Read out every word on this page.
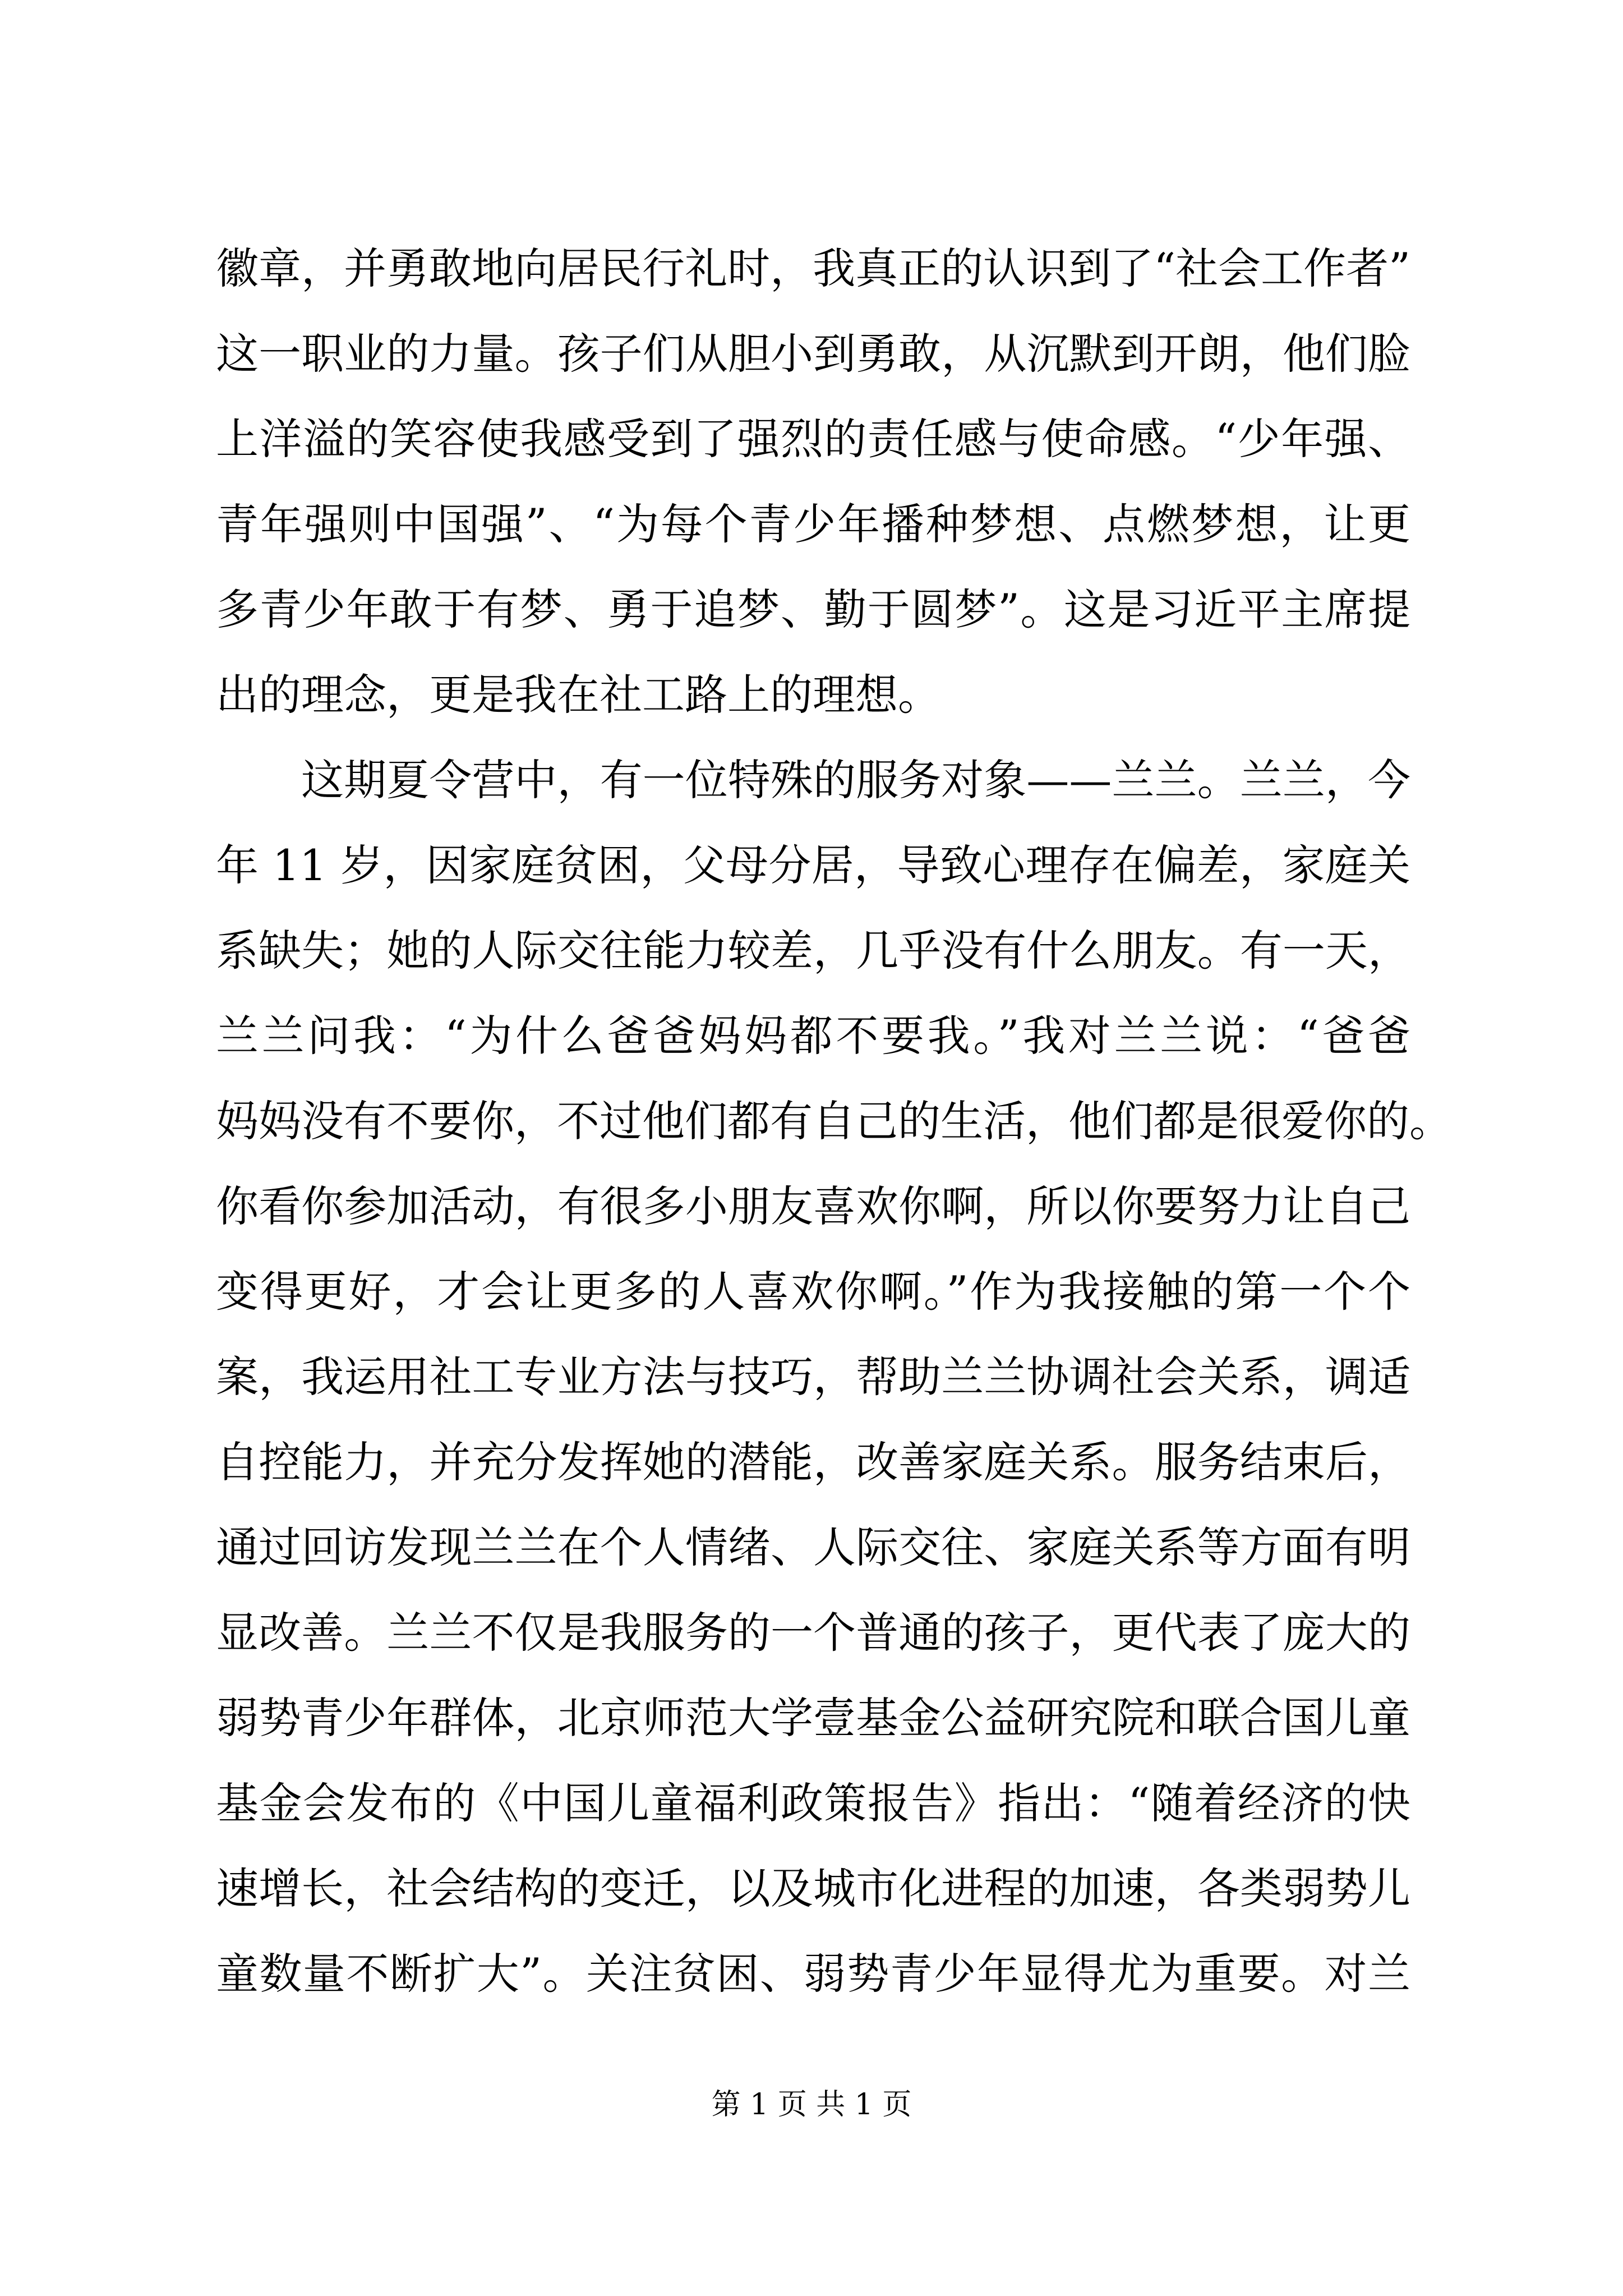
徽章，并勇敢地向居民行礼时，我真正的认识到了“社会工作者”
这一职业的力量。孩子们从胆小到勇敢，从沉默到开朗，他们脸
上洋溢的笑容使我感受到了强烈的责任感与使命感。“少年强、
青年强则中国强”、“为每个青少年播种梦想、点燃梦想，让更
多青少年敢于有梦、勇于追梦、勤于圆梦”。这是习近平主席提
出的理念，更是我在社工路上的理想。
这期夏令营中，有一位特殊的服务对象——兰兰。兰兰，今
年 11 岁，因家庭贫困，父母分居，导致心理存在偏差，家庭关
系缺失；她的人际交往能力较差，几乎没有什么朋友。有一天，
兰兰问我：“为什么爸爸妈妈都不要我。”我对兰兰说：“爸爸
妈妈没有不要你，不过他们都有自己的生活，他们都是很爱你的。
你看你参加活动，有很多小朋友喜欢你啊，所以你要努力让自己
变得更好，才会让更多的人喜欢你啊。”作为我接触的第一个个
案，我运用社工专业方法与技巧，帮助兰兰协调社会关系，调适
自控能力，并充分发挥她的潜能，改善家庭关系。服务结束后，
通过回访发现兰兰在个人情绪、人际交往、家庭关系等方面有明
显改善。兰兰不仅是我服务的一个普通的孩子，更代表了庞大的
弱势青少年群体，北京师范大学壹基金公益研究院和联合国儿童
基金会发布的《中国儿童福利政策报告》指出：“随着经济的快
速增长，社会结构的变迁，以及城市化进程的加速，各类弱势儿
童数量不断扩大”。关注贫困、弱势青少年显得尤为重要。对兰
第 1 页 共 1 页
